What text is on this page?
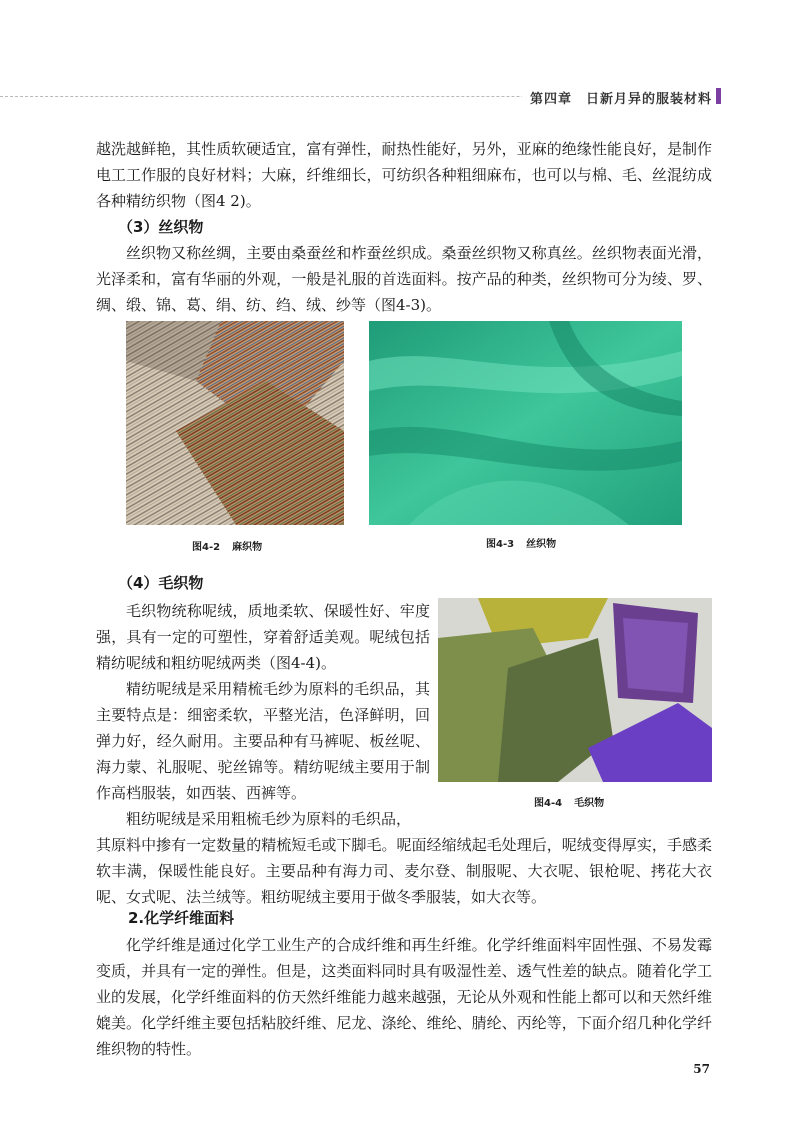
第四章　日新月异的服装材料
越洗越鲜艳，其性质软硬适宜，富有弹性，耐热性能好，另外，亚麻的绝缘性能良好，是制作电工工作服的良好材料；大麻，纤维细长，可纺织各种粗细麻布，也可以与棉、毛、丝混纺成各种精纺织物（图4 2)。
（3）丝织物
丝织物又称丝绸，主要由桑蚕丝和柞蚕丝织成。桑蚕丝织物又称真丝。丝织物表面光滑，光泽柔和，富有华丽的外观，一般是礼服的首选面料。按产品的种类，丝织物可分为绫、罗、绸、缎、锦、葛、绢、纺、绉、绒、纱等（图4-3)。
图4-2 麻织物	图4-3 丝织物
（4）毛织物
毛织物统称呢绒，质地柔软、保暖性好、牢度强，具有一定的可塑性，穿着舒适美观。呢绒包括精纺呢绒和粗纺呢绒两类（图4-4)。
精纺呢绒是采用精梳毛纱为原料的毛织品，其主要特点是：细密柔软，平整光洁，色泽鲜明，回弹力好，经久耐用。主要品种有马裤呢、板丝呢、海力蒙、礼服呢、驼丝锦等。精纺呢绒主要用于制作高档服装，如西装、西裤等。
粗纺呢绒是采用粗梳毛纱为原料的毛织品，
其原料中掺有一定数量的精梳短毛或下脚毛。呢面经缩绒起毛处理后，呢绒变得厚实，手感柔软丰满，保暖性能良好。主要品种有海力司、麦尔登、制服呢、大衣呢、银枪呢、拷花大衣呢、女式呢、法兰绒等。粗纺呢绒主要用于做冬季服装，如大衣等。
图4-4 毛织物
2.化学纤维面料
化学纤维是通过化学工业生产的合成纤维和再生纤维。化学纤维面料牢固性强、不易发霉变质，并具有一定的弹性。但是，这类面料同时具有吸湿性差、透气性差的缺点。随着化学工业的发展，化学纤维面料的仿天然纤维能力越来越强，无论从外观和性能上都可以和天然纤维媲美。化学纤维主要包括粘胶纤维、尼龙、涤纶、维纶、腈纶、丙纶等，下面介绍几种化学纤维织物的特性。
57
